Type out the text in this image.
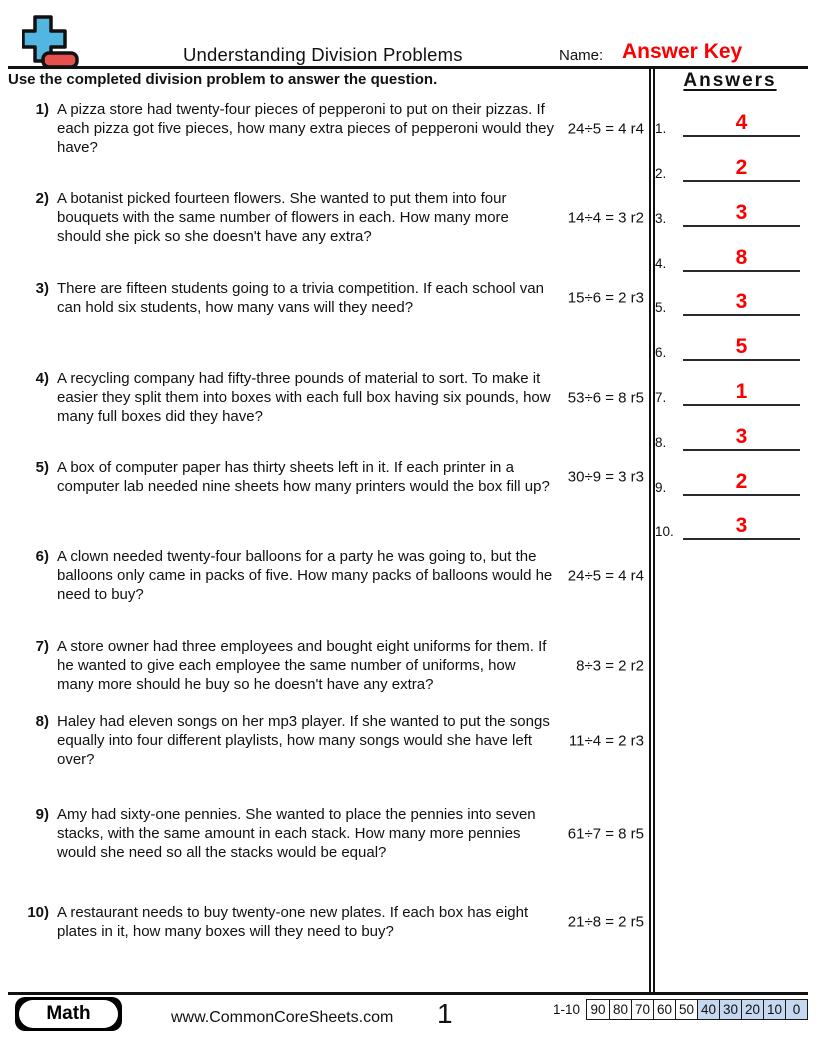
Understanding Division Problems	Name: Answer Key
Use the completed division problem to answer the question.
1) A pizza store had twenty-four pieces of pepperoni to put on their pizzas. If each pizza got five pieces, how many extra pieces of pepperoni would they have?
24÷5 = 4 r4
2) A botanist picked fourteen flowers. She wanted to put them into four bouquets with the same number of flowers in each. How many more should she pick so she doesn't have any extra?
14÷4 = 3 r2
3) There are fifteen students going to a trivia competition. If each school van can hold six students, how many vans will they need?
15÷6 = 2 r3
4) A recycling company had fifty-three pounds of material to sort. To make it easier they split them into boxes with each full box having six pounds, how many full boxes did they have?
53÷6 = 8 r5
5) A box of computer paper has thirty sheets left in it. If each printer in a computer lab needed nine sheets how many printers would the box fill up?
30÷9 = 3 r3
6) A clown needed twenty-four balloons for a party he was going to, but the balloons only came in packs of five. How many packs of balloons would he need to buy?
24÷5 = 4 r4
7) A store owner had three employees and bought eight uniforms for them. If he wanted to give each employee the same number of uniforms, how many more should he buy so he doesn't have any extra?
8÷3 = 2 r2
8) Haley had eleven songs on her mp3 player. If she wanted to put the songs equally into four different playlists, how many songs would she have left over?
11÷4 = 2 r3
9) Amy had sixty-one pennies. She wanted to place the pennies into seven stacks, with the same amount in each stack. How many more pennies would she need so all the stacks would be equal?
61÷7 = 8 r5
10) A restaurant needs to buy twenty-one new plates. If each box has eight plates in it, how many boxes will they need to buy?
21÷8 = 2 r5
Answers
1.	4
2.	2
3.	3
4.	8
5.	3
6.	5
7.	1
8.	3
9.	2
10.	3
Math	www.CommonCoreSheets.com 1	1-10 90 80 70 60 50 40 30 20 10 0
